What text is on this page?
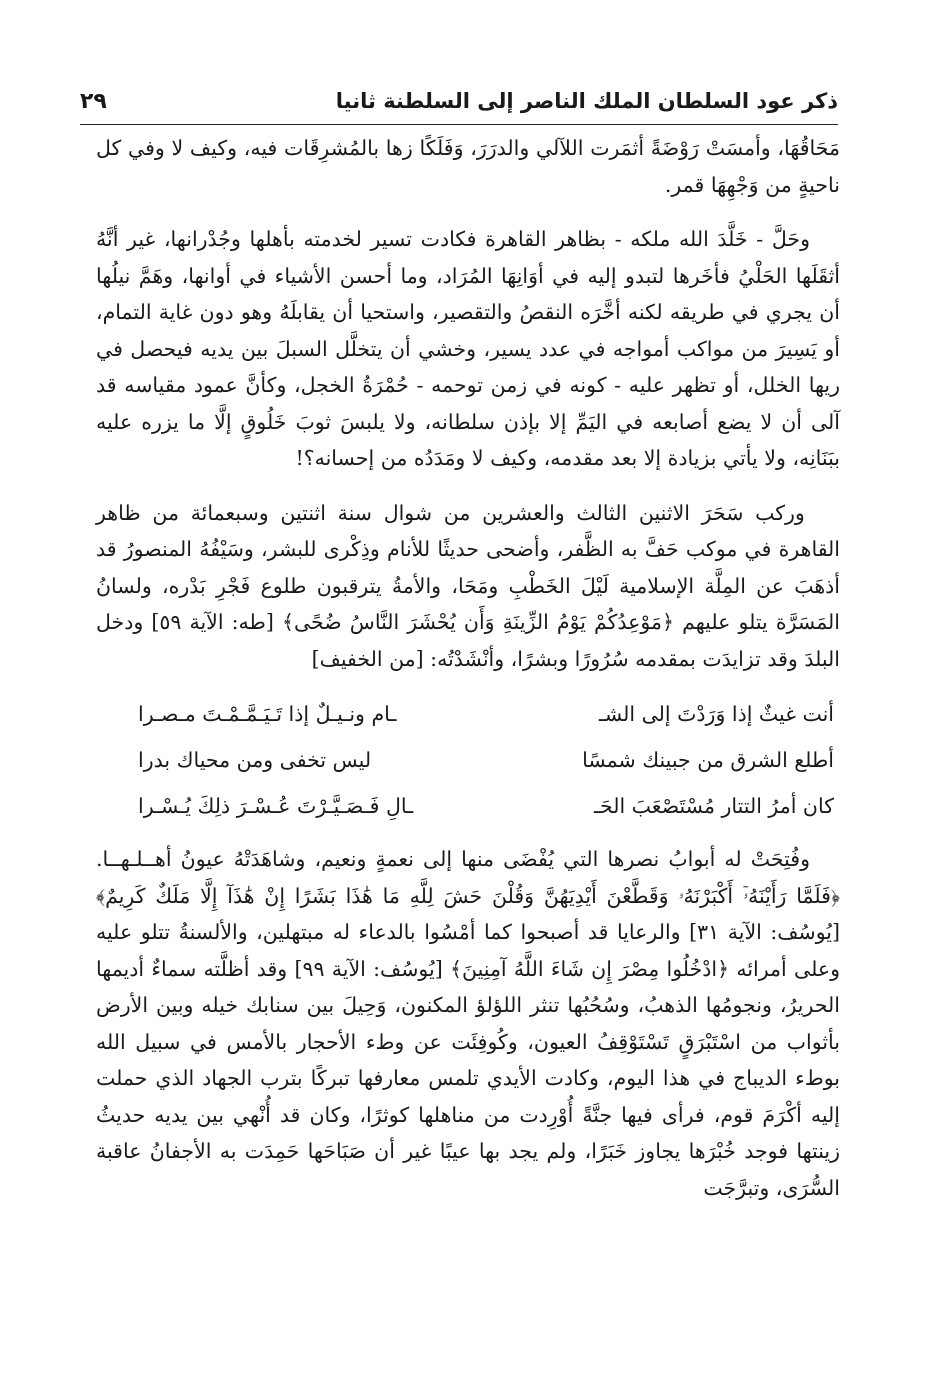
ذكر عود السلطان الملك الناصر إلى السلطنة ثانيا
٢٩

مَحَاقُهَا، وأمسَتْ رَوْضَةً أثمَرت اللآلي والدرَرَ، وَفَلَكًا زها بالمُشرِقَات فيه، وكيف لا وفي كل ناحيةٍ من وَجْهِهَا قمر.

وحَلَّ - خَلَّدَ الله ملكه - بظاهر القاهرة فكادت تسير لخدمته بأهلها وجُدْرانها، غير أنَّهُ أثقَلَها الحَلْيُ فأخَرها لتبدو إليه في أوَانِهَا المُرَاد، وما أحسن الأشياء في أوانها، وهَمَّ نيلُها أن يجري في طريقه لكنه أخَّرَه النقصُ والتقصير، واستحيا أن يقابلَهُ وهو دون غاية التمام، أو يَسِيرَ من مواكب أمواجه في عدد يسير، وخشي أن يتخلَّل السبلَ بين يديه فيحصل في ريها الخلل، أو تظهر عليه - كونه في زمن توحمه - حُمْرَةُ الخجل، وكأنَّ عمود مقياسه قد آلى أن لا يضع أصابعه في اليَمِّ إلا بإذن سلطانه، ولا يلبسَ ثوبَ خَلُوقٍ إلَّا ما يزره عليه ببَنَانِه، ولا يأتي بزيادة إلا بعد مقدمه، وكيف لا ومَدَدُه من إحسانه؟!

وركب سَحَرَ الاثنين الثالث والعشرين من شوال سنة اثنتين وسبعمائة من ظاهر القاهرة في موكب حَفَّ به الظَّفر، وأضحى حديثًا للأنام وذِكْرى للبشر، وسَيْفُهُ المنصورُ قد أذهَبَ عن المِلَّة الإسلامية لَيْلَ الخَطْبِ ومَحَا، والأمةُ يترقبون طلوع فَجْرِ بَدْره، ولسانُ المَسَرَّة يتلو عليهم ﴿مَوْعِدُكُمْ يَوْمُ الزِّينَةِ وَأَن يُحْشَرَ النَّاسُ ضُحًى﴾ [طه: الآية ٥٩] ودخل البلدَ وقد تزايدَت بمقدمه سُرُورًا وبشرًا، وأنْشَدْتُه: [من الخفيف]

أنت غيثٌ إذا وَرَدْتَ إلى الشـ
ـام ونـيـلٌ إذا تَـيَـمَّـمْـتَ مـصـرا
أطلع الشرق من جبينك شمسًا
ليس تخفى ومن محياك بدرا
كان أمرُ التتار مُسْتَصْعَبَ الحَـ
ـالِ فَـصَـيَّـرْتَ عُـسْـرَ ذلِكَ يُـسْـرا

وفُتِحَتْ له أبوابُ نصرها التي يُفْضَى منها إلى نعمةٍ ونعيم، وشاهَدَتْهُ عيونُ أهــلـهــا. ﴿فَلَمَّا رَأَيْنَهُۥٓ أَكْبَرْنَهُۥ وَقَطَّعْنَ أَيْدِيَهُنَّ وَقُلْنَ حَشَ لِلَّهِ مَا هَٰذَا بَشَرًا إِنْ هَٰذَآ إِلَّا مَلَكٌ كَرِيمٌ﴾ [يُوسُف: الآية ٣١] والرعايا قد أصبحوا كما أمْسُوا بالدعاء له مبتهلين، والألسنةُ تتلو عليه وعلى أمرائه ﴿ادْخُلُوا مِصْرَ إِن شَاءَ اللَّهُ آمِنِينَ﴾ [يُوسُف: الآية ٩٩] وقد أظلَّته سماءٌ أديمها الحريرُ، ونجومُها الذهبُ، وسُحُبُها تنثر اللؤلؤ المكنون، وَحِيلَ بين سنابك خيله وبين الأرض بأثواب من اسْتَبْرَقٍ تَسْتَوْقِفُ العيون، وكُوفِئَت عن وطء الأحجار بالأمس في سبيل الله بوطء الديباج في هذا اليوم، وكادت الأيدي تلمس معارفها تبركًا بترب الجهاد الذي حملت إليه أكْرَمَ قوم، فرأى فيها جنَّةً أُوْرِدت من مناهلها كوثرًا، وكان قد أُنْهي بين يديه حديثُ زينتها فوجد خُبْرَها يجاوز خَبَرًا، ولم يجد بها عيبًا غير أن صَبَاحَها حَمِدَت به الأجفانُ عاقبة السُّرَى، وتبرَّجَت
